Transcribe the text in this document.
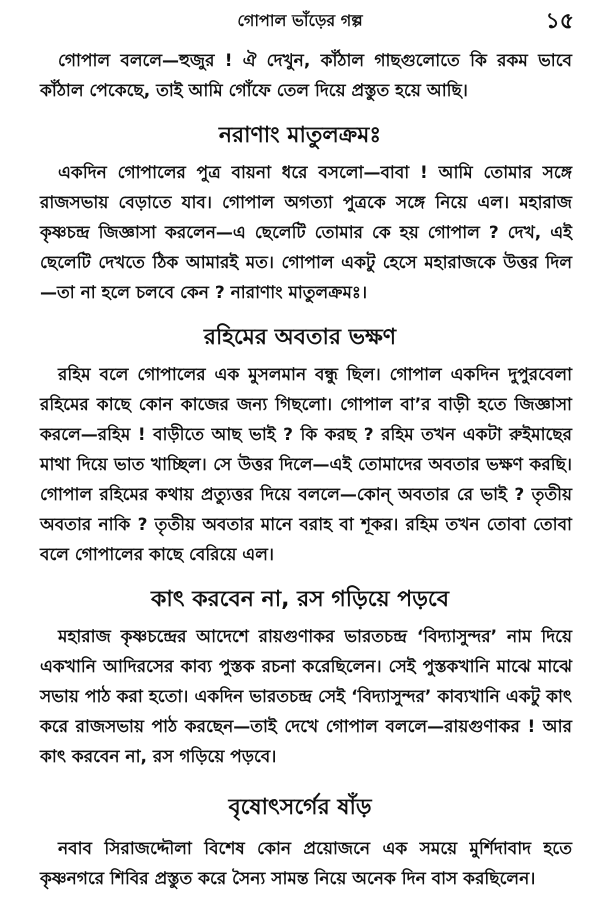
গোপাল ভাঁড়ের গল্প	১৫

গোপাল বললে—হুজুর ! ঐ দেখুন, কাঁঠাল গাছগুলোতে কি রকম ভাবে কাঁঠাল পেকেছে, তাই আমি গোঁফে তেল দিয়ে প্রস্তুত হয়ে আছি।

নরাণাং মাতুলক্রমঃ

একদিন গোপালের পুত্র বায়না ধরে বসলো—বাবা ! আমি তোমার সঙ্গে রাজসভায় বেড়াতে যাব। গোপাল অগত্যা পুত্রকে সঙ্গে নিয়ে এল। মহারাজ কৃষ্ণচন্দ্র জিজ্ঞাসা করলেন—এ ছেলেটি তোমার কে হয় গোপাল ? দেখ, এই ছেলেটি দেখতে ঠিক আমারই মত। গোপাল একটু হেসে মহারাজকে উত্তর দিল—তা না হলে চলবে কেন ? নারাণাং মাতুলক্রমঃ।

রহিমের অবতার ভক্ষণ

রহিম বলে গোপালের এক মুসলমান বন্ধু ছিল। গোপাল একদিন দুপুরবেলা রহিমের কাছে কোন কাজের জন্য গিছলো। গোপাল বা’র বাড়ী হতে জিজ্ঞাসা করলে—রহিম ! বাড়ীতে আছ ভাই ? কি করছ ? রহিম তখন একটা রুইমাছের মাথা দিয়ে ভাত খাচ্ছিল। সে উত্তর দিলে—এই তোমাদের অবতার ভক্ষণ করছি। গোপাল রহিমের কথায় প্রত্যুত্তর দিয়ে বললে—কোন্ অবতার রে ভাই ? তৃতীয় অবতার নাকি ? তৃতীয় অবতার মানে বরাহ বা শূকর। রহিম তখন তোবা তোবা বলে গোপালের কাছে বেরিয়ে এল।

কাৎ করবেন না, রস গড়িয়ে পড়বে

মহারাজ কৃষ্ণচন্দ্রের আদেশে রায়গুণাকর ভারতচন্দ্র ‘বিদ্যাসুন্দর’ নাম দিয়ে একখানি আদিরসের কাব্য পুস্তক রচনা করেছিলেন। সেই পুস্তকখানি মাঝে মাঝে সভায় পাঠ করা হতো। একদিন ভারতচন্দ্র সেই ‘বিদ্যাসুন্দর’ কাব্যখানি একটু কাৎ করে রাজসভায় পাঠ করছেন—তাই দেখে গোপাল বললে—রায়গুণাকর ! আর কাৎ করবেন না, রস গড়িয়ে পড়বে।

বৃষোৎসর্গের ষাঁড়

নবাব সিরাজদ্দৌলা বিশেষ কোন প্রয়োজনে এক সময়ে মুর্শিদাবাদ হতে কৃষ্ণনগরে শিবির প্রস্তুত করে সৈন্য সামন্ত নিয়ে অনেক দিন বাস করছিলেন।
